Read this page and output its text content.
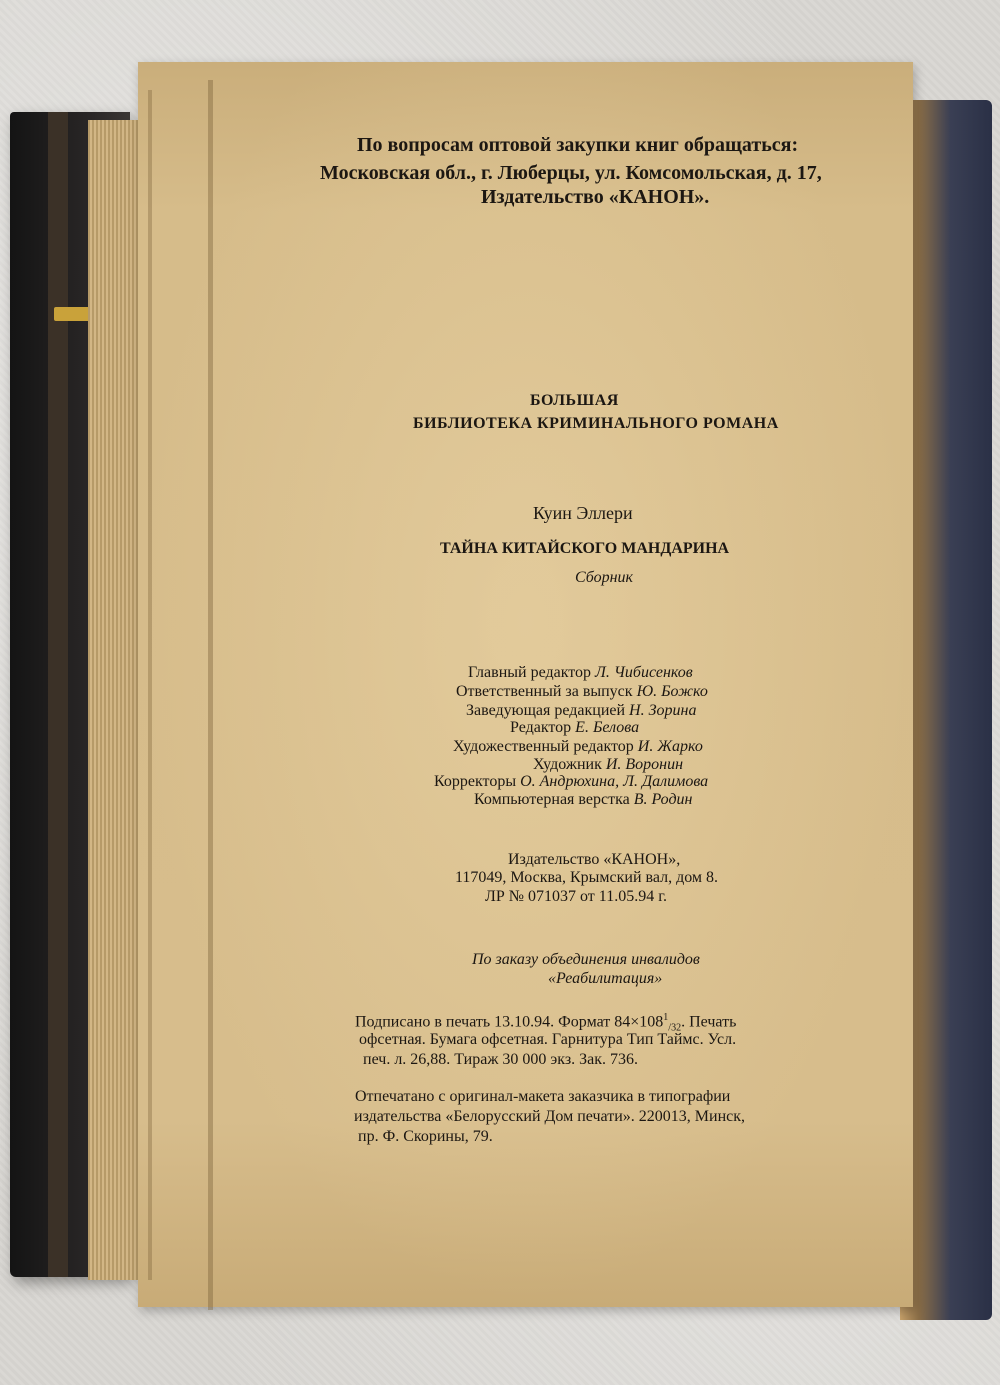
По вопросам оптовой закупки книг обращаться:

Московская обл., г. Люберцы, ул. Комсомольская, д. 17,

Издательство «КАНОН».

БОЛЬШАЯ

БИБЛИОТЕКА КРИМИНАЛЬНОГО РОМАНА

Куин Эллери

ТАЙНА КИТАЙСКОГО МАНДАРИНА

Сборник

Главный редактор Л. Чибисенков

Ответственный за выпуск Ю. Божко

Заведующая редакцией Н. Зорина

Редактор Е. Белова

Художественный редактор И. Жарко

Художник И. Воронин

Корректоры О. Андрюхина, Л. Далимова

Компьютерная верстка В. Родин

Издательство «КАНОН»,

117049, Москва, Крымский вал, дом 8.

ЛР № 071037 от 11.05.94 г.

По заказу объединения инвалидов

«Реабилитация»

Подписано в печать 13.10.94. Формат $84\times 108^1_{/32}$. Печать

офсетная. Бумага офсетная. Гарнитура Тип Таймс. Усл.

печ. л. 26,88. Тираж 30 000 экз. Зак. 736.

Отпечатано с оригинал-макета заказчика в типографии

издательства «Белорусский Дом печати». 220013, Минск,

пр. Ф. Скорины, 79.
